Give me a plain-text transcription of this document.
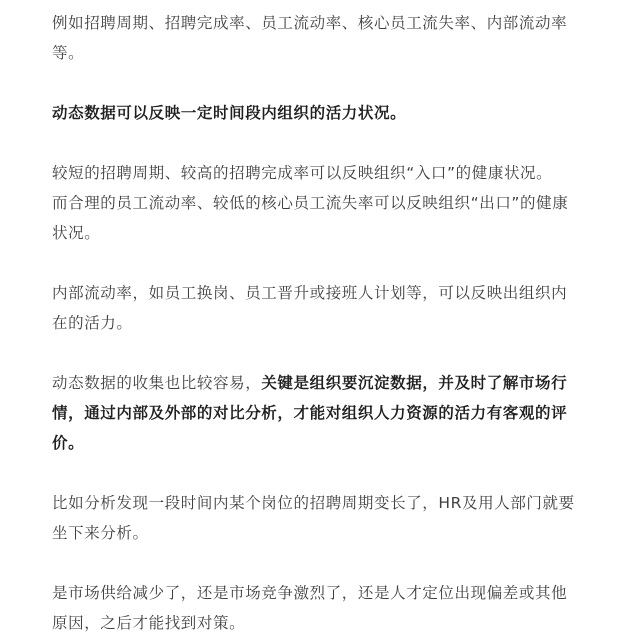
例如招聘周期、招聘完成率、员工流动率、核心员工流失率、内部流动率等。

动态数据可以反映一定时间段内组织的活力状况。

较短的招聘周期、较高的招聘完成率可以反映组织“入口”的健康状况。

而合理的员工流动率、较低的核心员工流失率可以反映组织“出口”的健康状况。

内部流动率，如员工换岗、员工晋升或接班人计划等，可以反映出组织内在的活力。

动态数据的收集也比较容易，关键是组织要沉淀数据，并及时了解市场行情，通过内部及外部的对比分析，才能对组织人力资源的活力有客观的评价。

比如分析发现一段时间内某个岗位的招聘周期变长了，HR及用人部门就要坐下来分析。

是市场供给减少了，还是市场竞争激烈了，还是人才定位出现偏差或其他原因，之后才能找到对策。
